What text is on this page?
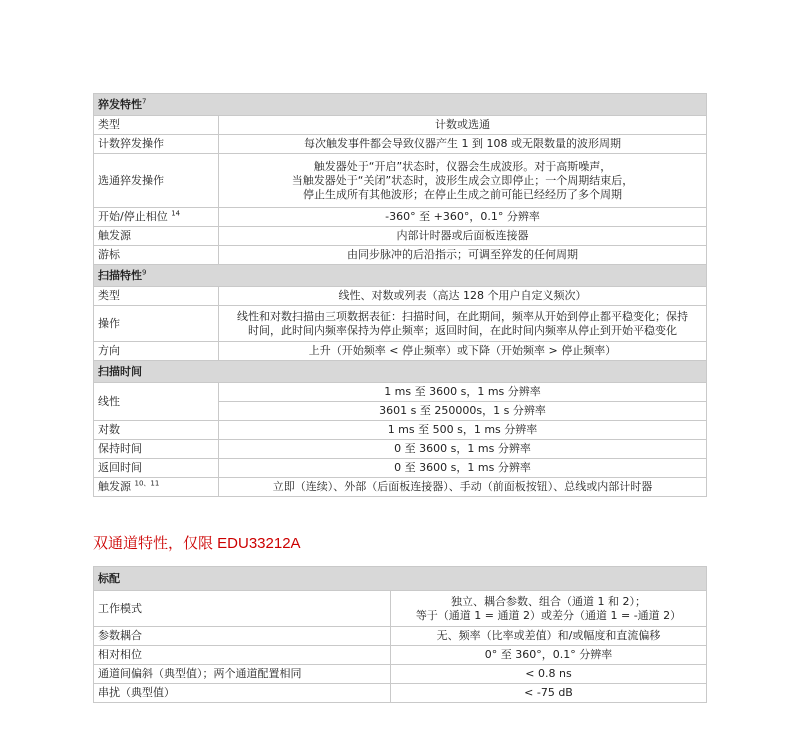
猝发特性$^7$
类型	计数或选通
计数猝发操作	每次触发事件都会导致仪器产生 1 到 108 或无限数量的波形周期
选通猝发操作	触发器处于“开启”状态时，仪器会生成波形。对于高斯噪声，
当触发器处于“关闭”状态时，波形生成会立即停止；一个周期结束后，
停止生成所有其他波形；在停止生成之前可能已经经历了多个周期

开始/停止相位 $^{14}$	-360° 至 +360°，0.1° 分辨率
触发源	内部计时器或后面板连接器
游标	由同步脉冲的后沿指示；可调至猝发的任何周期
扫描特性$^9$
类型	线性、对数或列表（高达 128 个用户自定义频次）
操作	线性和对数扫描由三项数据表征：扫描时间，在此期间，频率从开始到停止都平稳变化；保持
时间，此时间内频率保持为停止频率；返回时间，在此时间内频率从停止到开始平稳变化

方向	上升（开始频率 < 停止频率）或下降（开始频率 > 停止频率）
扫描时间	
线性	1 ms 至 3600 s，1 ms 分辨率
	3601 s 至 250000s，1 s 分辨率
对数	1 ms 至 500 s，1 ms 分辨率
保持时间	0 至 3600 s，1 ms 分辨率
返回时间	0 至 3600 s，1 ms 分辨率
触发源 $^{10、11}$	立即（连续）、外部（后面板连接器）、手动（前面板按钮）、总线或内部计时器
双通道特性，仅限 EDU33212A
标配	
工作模式	独立、耦合参数、组合（通道 1 和 2）；
等于（通道 1 = 通道 2）或差分（通道 1 = -通道 2）

参数耦合	无、频率（比率或差值）和/或幅度和直流偏移
相对相位	0° 至 360°，0.1° 分辨率
通道间偏斜（典型值）；两个通道配置相同	< 0.8 ns
串扰（典型值）	< -75 dB
